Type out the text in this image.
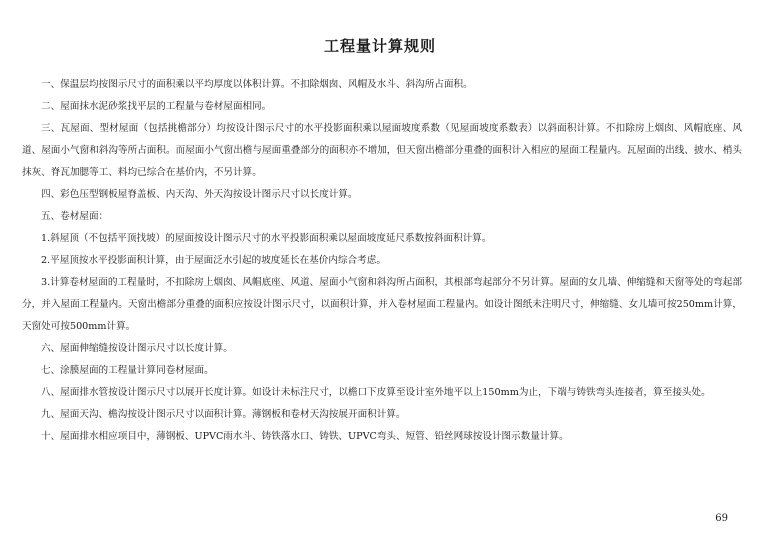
工程量计算规则

一、保温层均按图示尺寸的面积乘以平均厚度以体积计算。不扣除烟囱、风帽及水斗、斜沟所占面积。

二、屋面抹水泥砂浆找平层的工程量与卷材屋面相同。

三、瓦屋面、型材屋面（包括挑檐部分）均按设计图示尺寸的水平投影面积乘以屋面坡度系数（见屋面坡度系数表）以斜面积计算。不扣除房上烟囱、风帽底座、风道、屋面小气窗和斜沟等所占面积。而屋面小气窗出檐与屋面重叠部分的面积亦不增加，但天窗出檐部分重叠的面积计入相应的屋面工程量内。瓦屋面的出线、披水、梢头抹灰、脊瓦加腮等工、料均已综合在基价内，不另计算。

四、彩色压型钢板屋脊盖板、内天沟、外天沟按设计图示尺寸以长度计算。

五、卷材屋面：

1.斜屋顶（不包括平顶找坡）的屋面按设计图示尺寸的水平投影面积乘以屋面坡度延尺系数按斜面积计算。

2.平屋顶按水平投影面积计算，由于屋面泛水引起的坡度延长在基价内综合考虑。

3.计算卷材屋面的工程量时，不扣除房上烟囱、风帽底座、风道、屋面小气窗和斜沟所占面积，其根部弯起部分不另计算。屋面的女儿墙、伸缩缝和天窗等处的弯起部分，并入屋面工程量内。天窗出檐部分重叠的面积应按设计图示尺寸，以面积计算，并入卷材屋面工程量内。如设计图纸未注明尺寸，伸缩缝、女儿墙可按250mm计算，天窗处可按500mm计算。

六、屋面伸缩缝按设计图示尺寸以长度计算。

七、涂膜屋面的工程量计算同卷材屋面。

八、屋面排水管按设计图示尺寸以展开长度计算。如设计未标注尺寸，以檐口下皮算至设计室外地平以上150mm为止，下端与铸铁弯头连接者，算至接头处。

九、屋面天沟、檐沟按设计图示尺寸以面积计算。薄钢板和卷材天沟按展开面积计算。

十、屋面排水相应项目中，薄钢板、UPVC雨水斗、铸铁落水口、铸铁、UPVC弯头、短管、铅丝网球按设计图示数量计算。

69
